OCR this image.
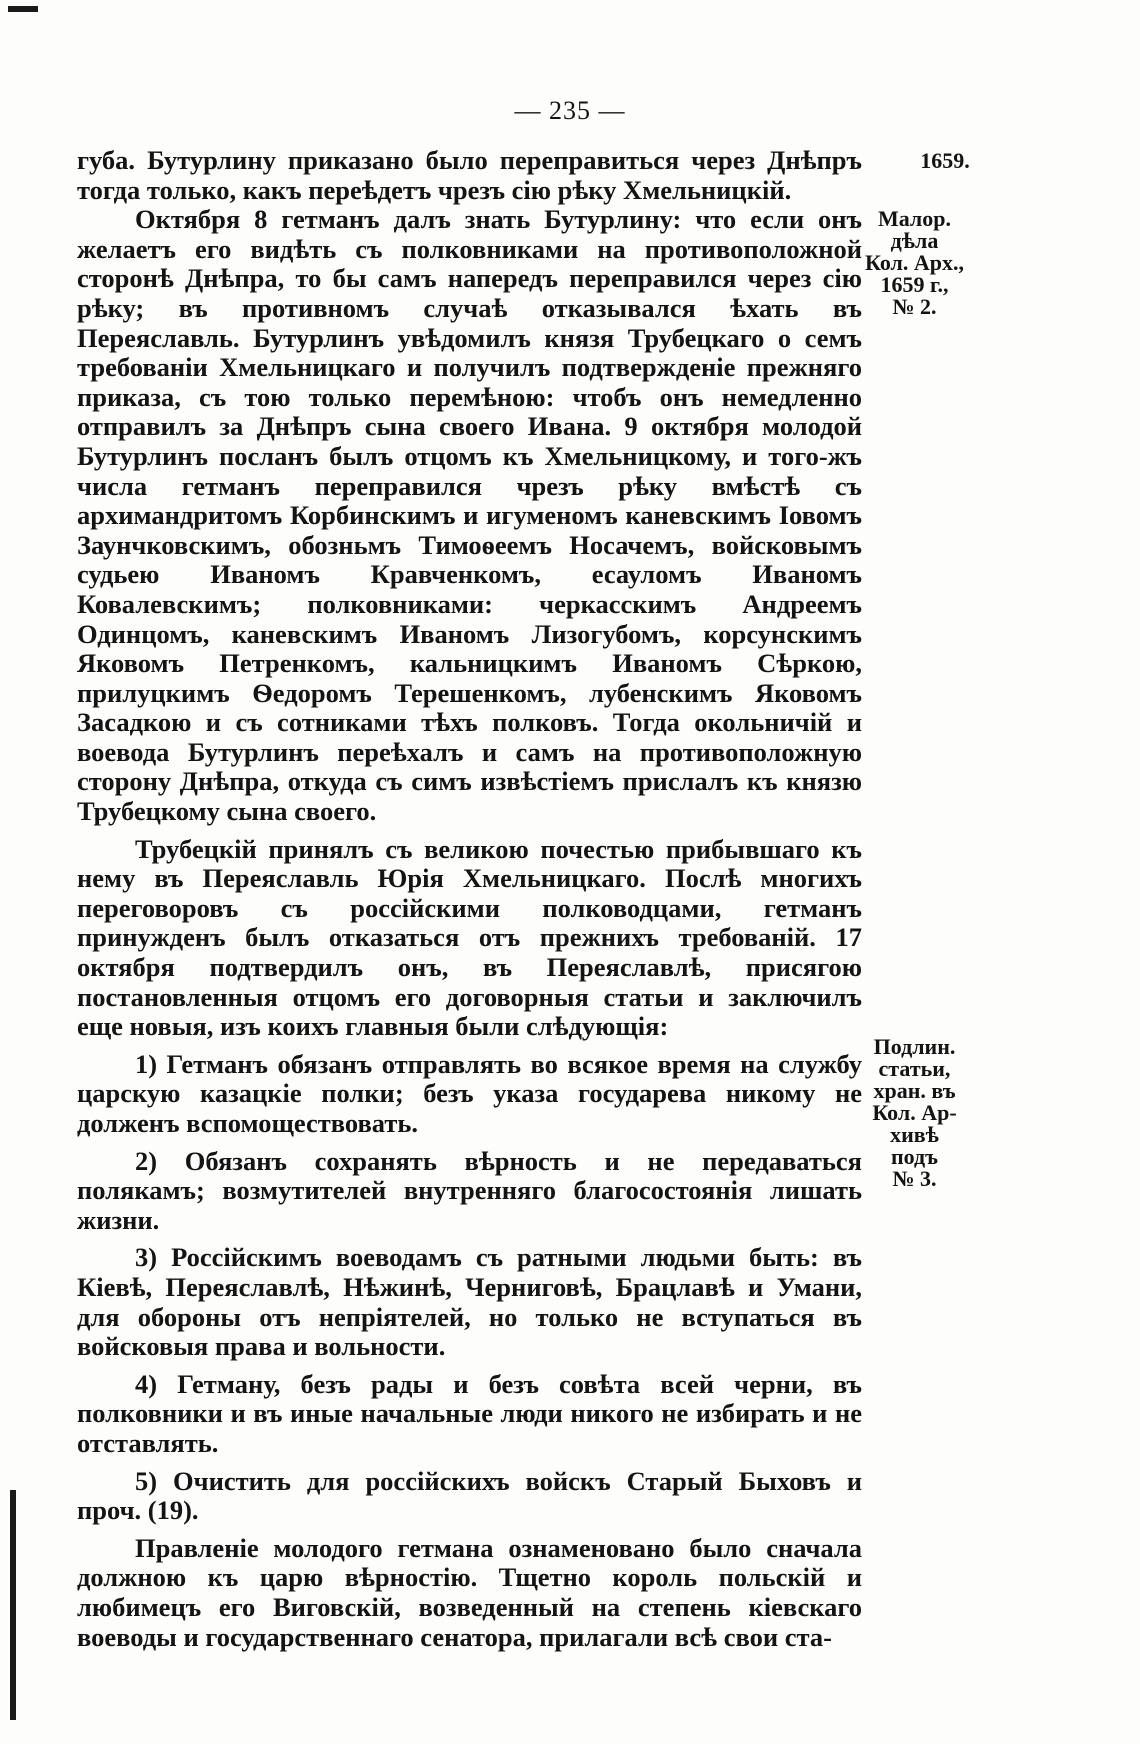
— 235 —
1659.
Малор.
дѣла
Кол. Арх.,
1659 г.,
№ 2.
Подлин.
статьи,
хран. въ
Кол. Ар-
хивѣ
подъ
№ 3.

губа. Бутурлину приказано было переправиться через Днѣпръ тогда только, какъ переѣдетъ чрезъ сію рѣку Хмельницкій.

Октября 8 гетманъ далъ знать Бутурлину: что если онъ желаетъ его видѣть съ полковниками на противоположной сторонѣ Днѣпра, то бы самъ напередъ переправился через сію рѣку; въ противномъ случаѣ отказывался ѣхать въ Переяславль. Бутурлинъ увѣдомилъ князя Трубецкаго о семъ требованіи Хмельницкаго и получилъ подтвержденіе прежняго приказа, съ тою только перемѣною: чтобъ онъ немедленно отправилъ за Днѣпръ сына своего Ивана. 9 октября молодой Бутурлинъ посланъ былъ отцомъ къ Хмельницкому, и того-жъ числа гетманъ переправился чрезъ рѣку вмѣстѣ съ архимандритомъ Корбинскимъ и игуменомъ каневскимъ Іовомъ Заунчковскимъ, обозньмъ Тимоѳеемъ Носачемъ, войсковымъ судьею Иваномъ Кравченкомъ, есауломъ Иваномъ Ковалевскимъ; полковниками: черкасскимъ Андреемъ Одинцомъ, каневскимъ Иваномъ Лизогубомъ, корсунскимъ Яковомъ Петренкомъ, кальницкимъ Иваномъ Сѣркою, прилуцкимъ Ѳедоромъ Терешенкомъ, лубенскимъ Яковомъ Засадкою и съ сотниками тѣхъ полковъ. Тогда окольничій и воевода Бутурлинъ переѣхалъ и самъ на противоположную сторону Днѣпра, откуда съ симъ извѣстіемъ прислалъ къ князю Трубецкому сына своего.

Трубецкій принялъ съ великою почестью прибывшаго къ нему въ Переяславль Юрія Хмельницкаго. Послѣ многихъ переговоровъ съ россійскими полководцами, гетманъ принужденъ былъ отказаться отъ прежнихъ требованій. 17 октября подтвердилъ онъ, въ Переяславлѣ, присягою постановленныя отцомъ его договорныя статьи и заключилъ еще новыя, изъ коихъ главныя были слѣдующія:

1) Гетманъ обязанъ отправлять во всякое время на службу царскую казацкіе полки; безъ указа государева никому не долженъ вспомоществовать.

2) Обязанъ сохранять вѣрность и не передаваться полякамъ; возмутителей внутренняго благосостоянія лишать жизни.

3) Россійскимъ воеводамъ съ ратными людьми быть: въ Кіевѣ, Переяславлѣ, Нѣжинѣ, Черниговѣ, Брацлавѣ и Умани, для обороны отъ непріятелей, но только не вступаться въ войсковыя права и вольности.

4) Гетману, безъ рады и безъ совѣта всей черни, въ полковники и въ иные начальные люди никого не избирать и не отставлять.

5) Очистить для россійскихъ войскъ Старый Быховъ и проч. (19).

Правленіе молодого гетмана ознаменовано было сначала должною къ царю вѣрностію. Тщетно король польскій и любимецъ его Виговскій, возведенный на степень кіевскаго воеводы и государственнаго сенатора, прилагали всѣ свои ста-
